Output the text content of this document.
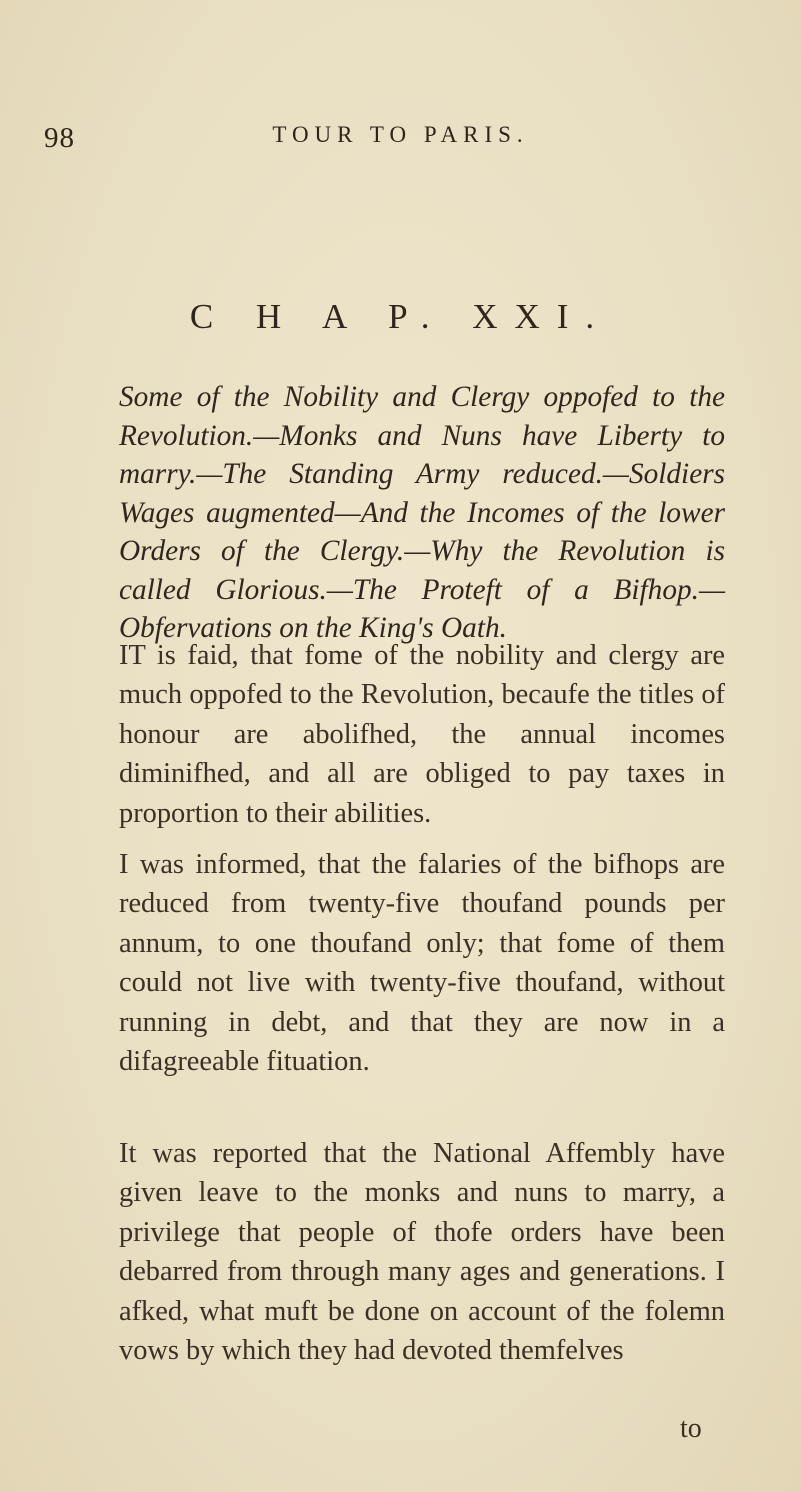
98	TOUR TO PARIS.
C H A P. XXI.
Some of the Nobility and Clergy oppofed to the Revolution.—Monks and Nuns have Liberty to marry.—The Standing Army reduced.—Soldiers Wages augmented—And the Incomes of the lower Orders of the Clergy.—Why the Revolution is called Glorious.—The Proteft of a Bifhop.—Obfervations on the King's Oath.

IT is faid, that fome of the nobility and clergy are much oppofed to the Revolution, becaufe the titles of honour are abolifhed, the annual incomes diminifhed, and all are obliged to pay taxes in proportion to their abilities.

I was informed, that the falaries of the bifhops are reduced from twenty-five thoufand pounds per annum, to one thoufand only; that fome of them could not live with twenty-five thoufand, without running in debt, and that they are now in a difagreeable fituation.

It was reported that the National Affembly have given leave to the monks and nuns to marry, a privilege that people of thofe orders have been debarred from through many ages and generations. I afked, what muft be done on account of the folemn vows by which they had devoted themfelves

to
